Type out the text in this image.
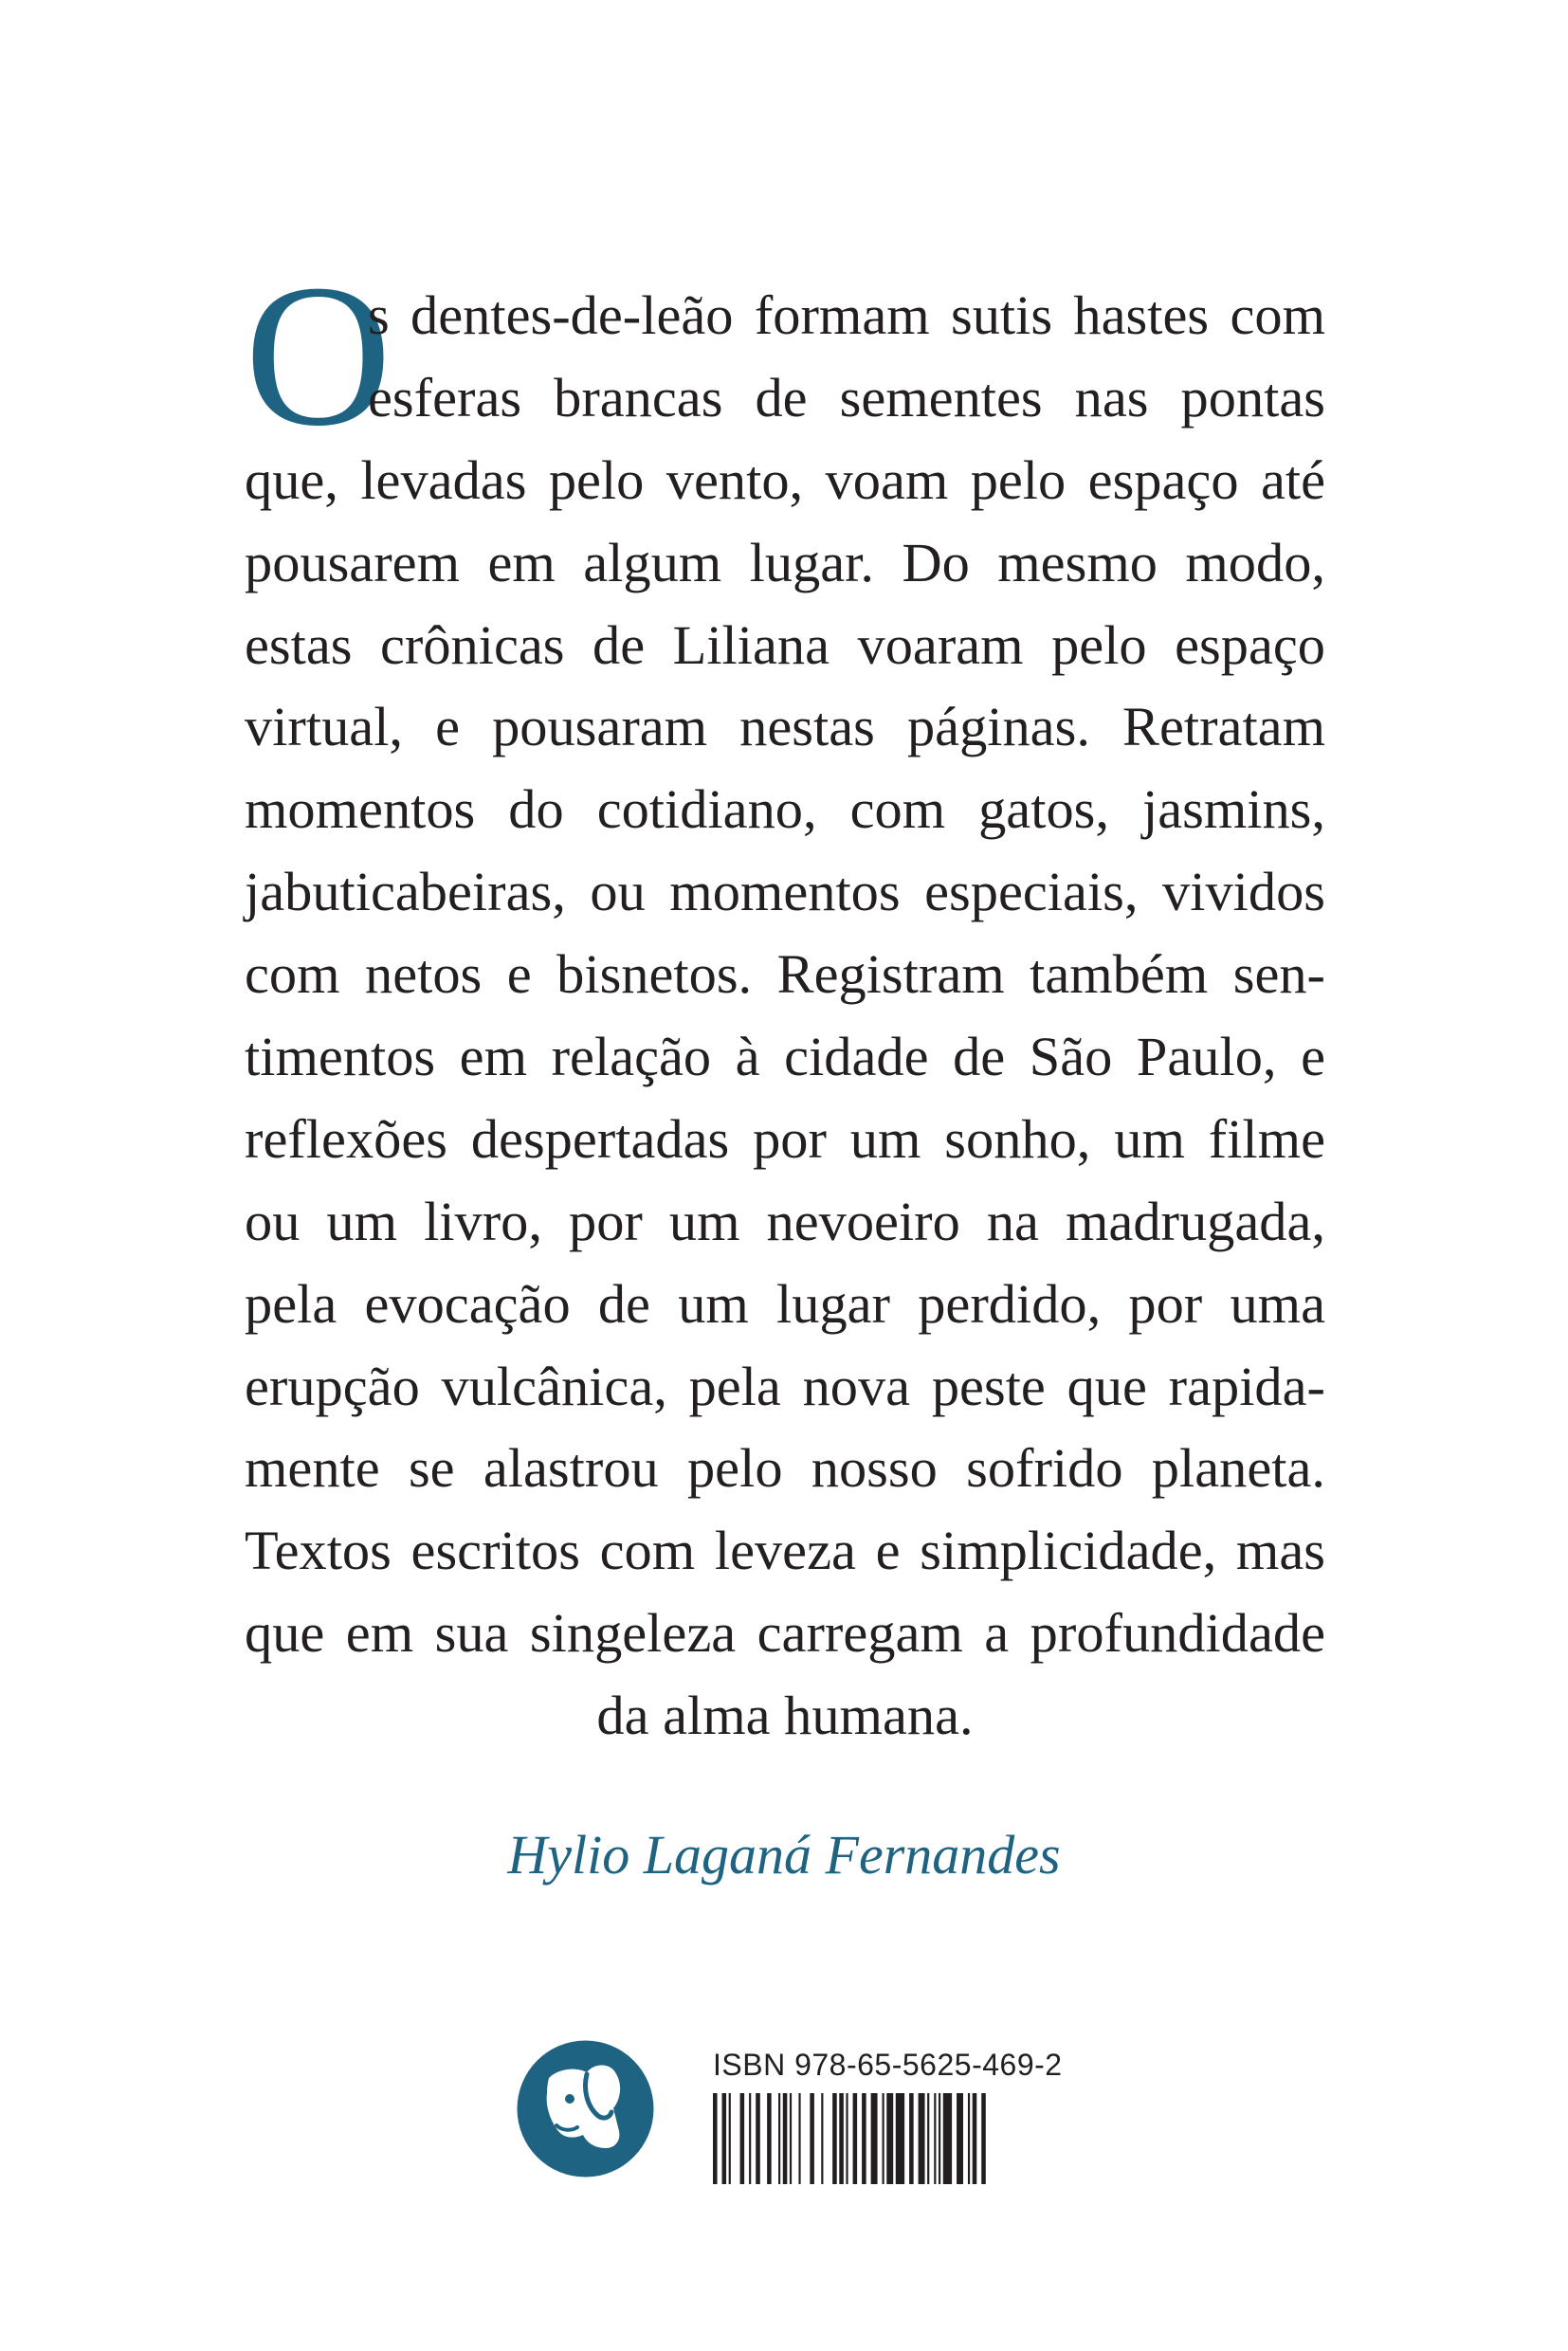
O
s dentes-de-leão formam sutis hastes com
esferas brancas de sementes nas pontas
que, levadas pelo vento, voam pelo espaço até
pousarem em algum lugar. Do mesmo modo,
estas crônicas de Liliana voaram pelo espaço
virtual, e pousaram nestas páginas. Retratam
momentos do cotidiano, com gatos, jasmins,
jabuticabeiras, ou momentos especiais, vividos
com netos e bisnetos. Registram também sen-
timentos em relação à cidade de São Paulo, e
reflexões despertadas por um sonho, um filme
ou um livro, por um nevoeiro na madrugada,
pela evocação de um lugar perdido, por uma
erupção vulcânica, pela nova peste que rapida-
mente se alastrou pelo nosso sofrido planeta.
Textos escritos com leveza e simplicidade, mas
que em sua singeleza carregam a profundidade
da alma humana.
Hylio Laganá Fernandes
ISBN 978-65-5625-469-2
